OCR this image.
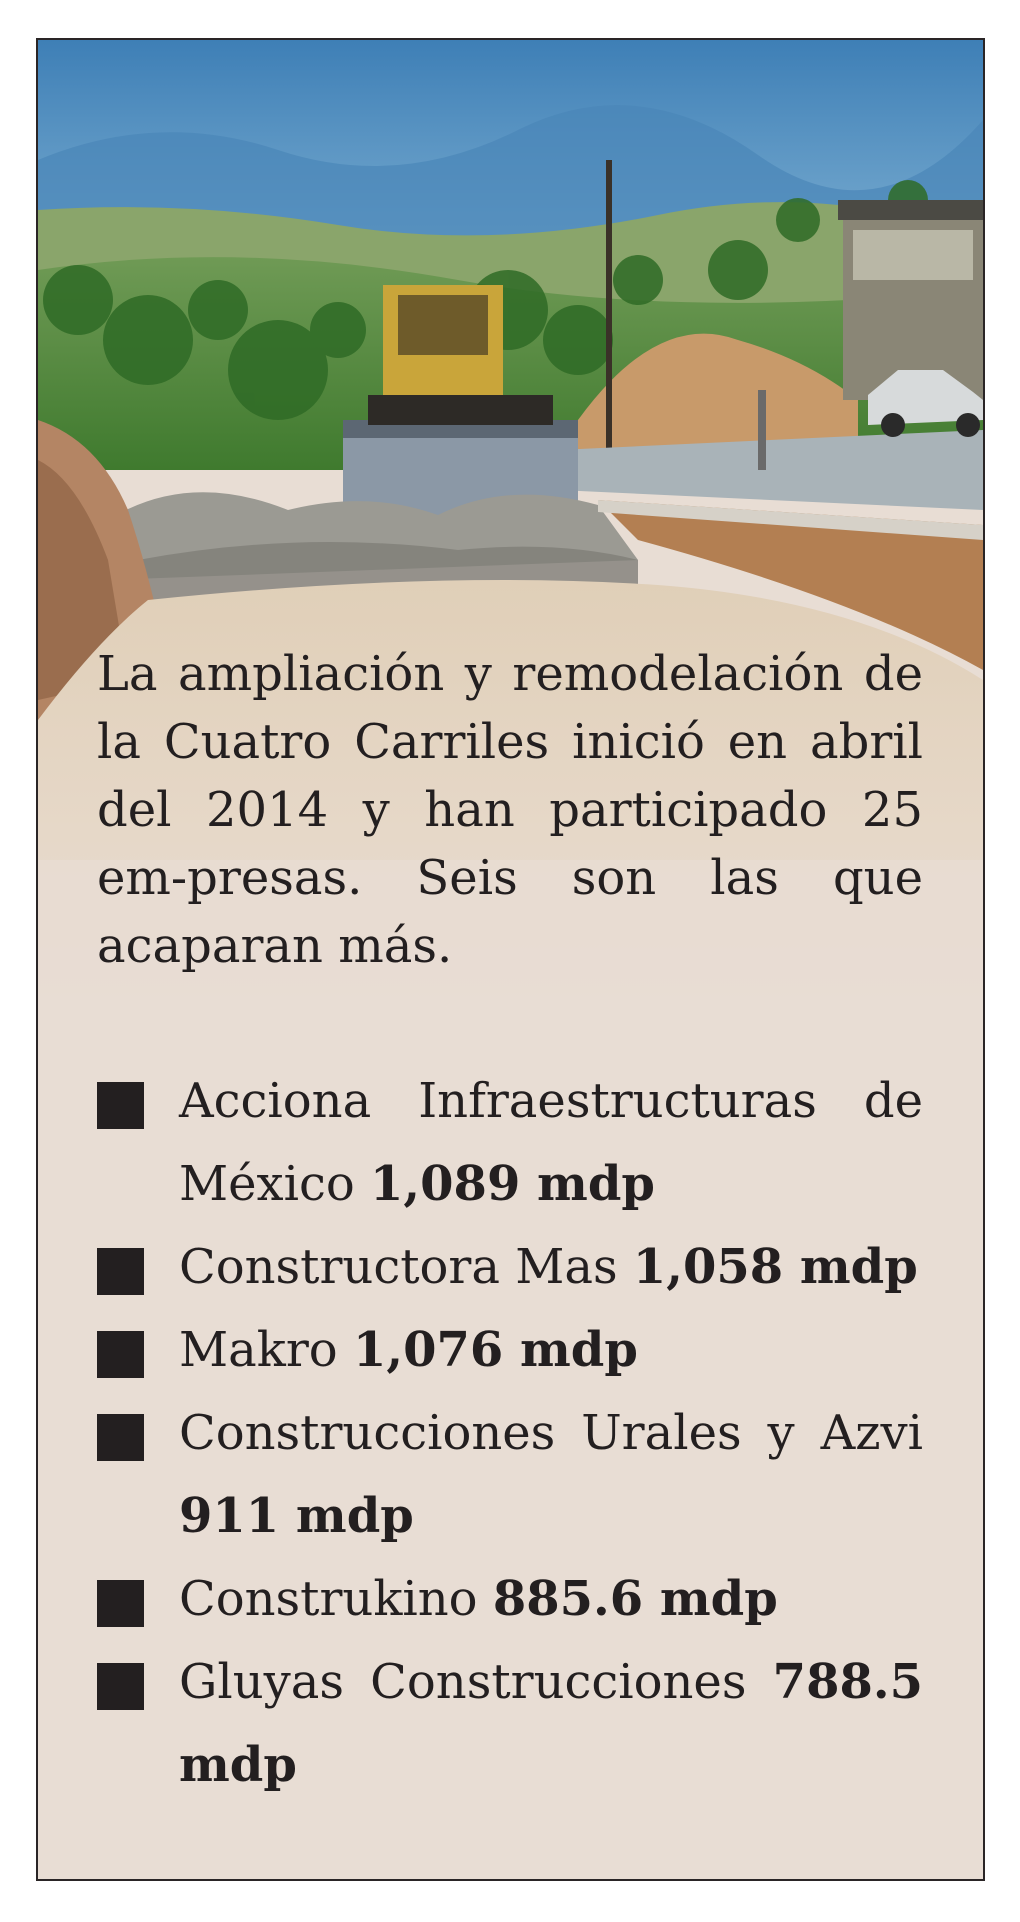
La ampliación y remodelación de la Cuatro Carriles inició en abril del 2014 y han participado 25 em-presas. Seis son las que acaparan más.

Acciona Infraestructuras de México 1,089 mdp
Constructora Mas 1,058 mdp
Makro 1,076 mdp
Construcciones Urales y Azvi 911 mdp
Construkino 885.6 mdp
Gluyas Construcciones 788.5 mdp
